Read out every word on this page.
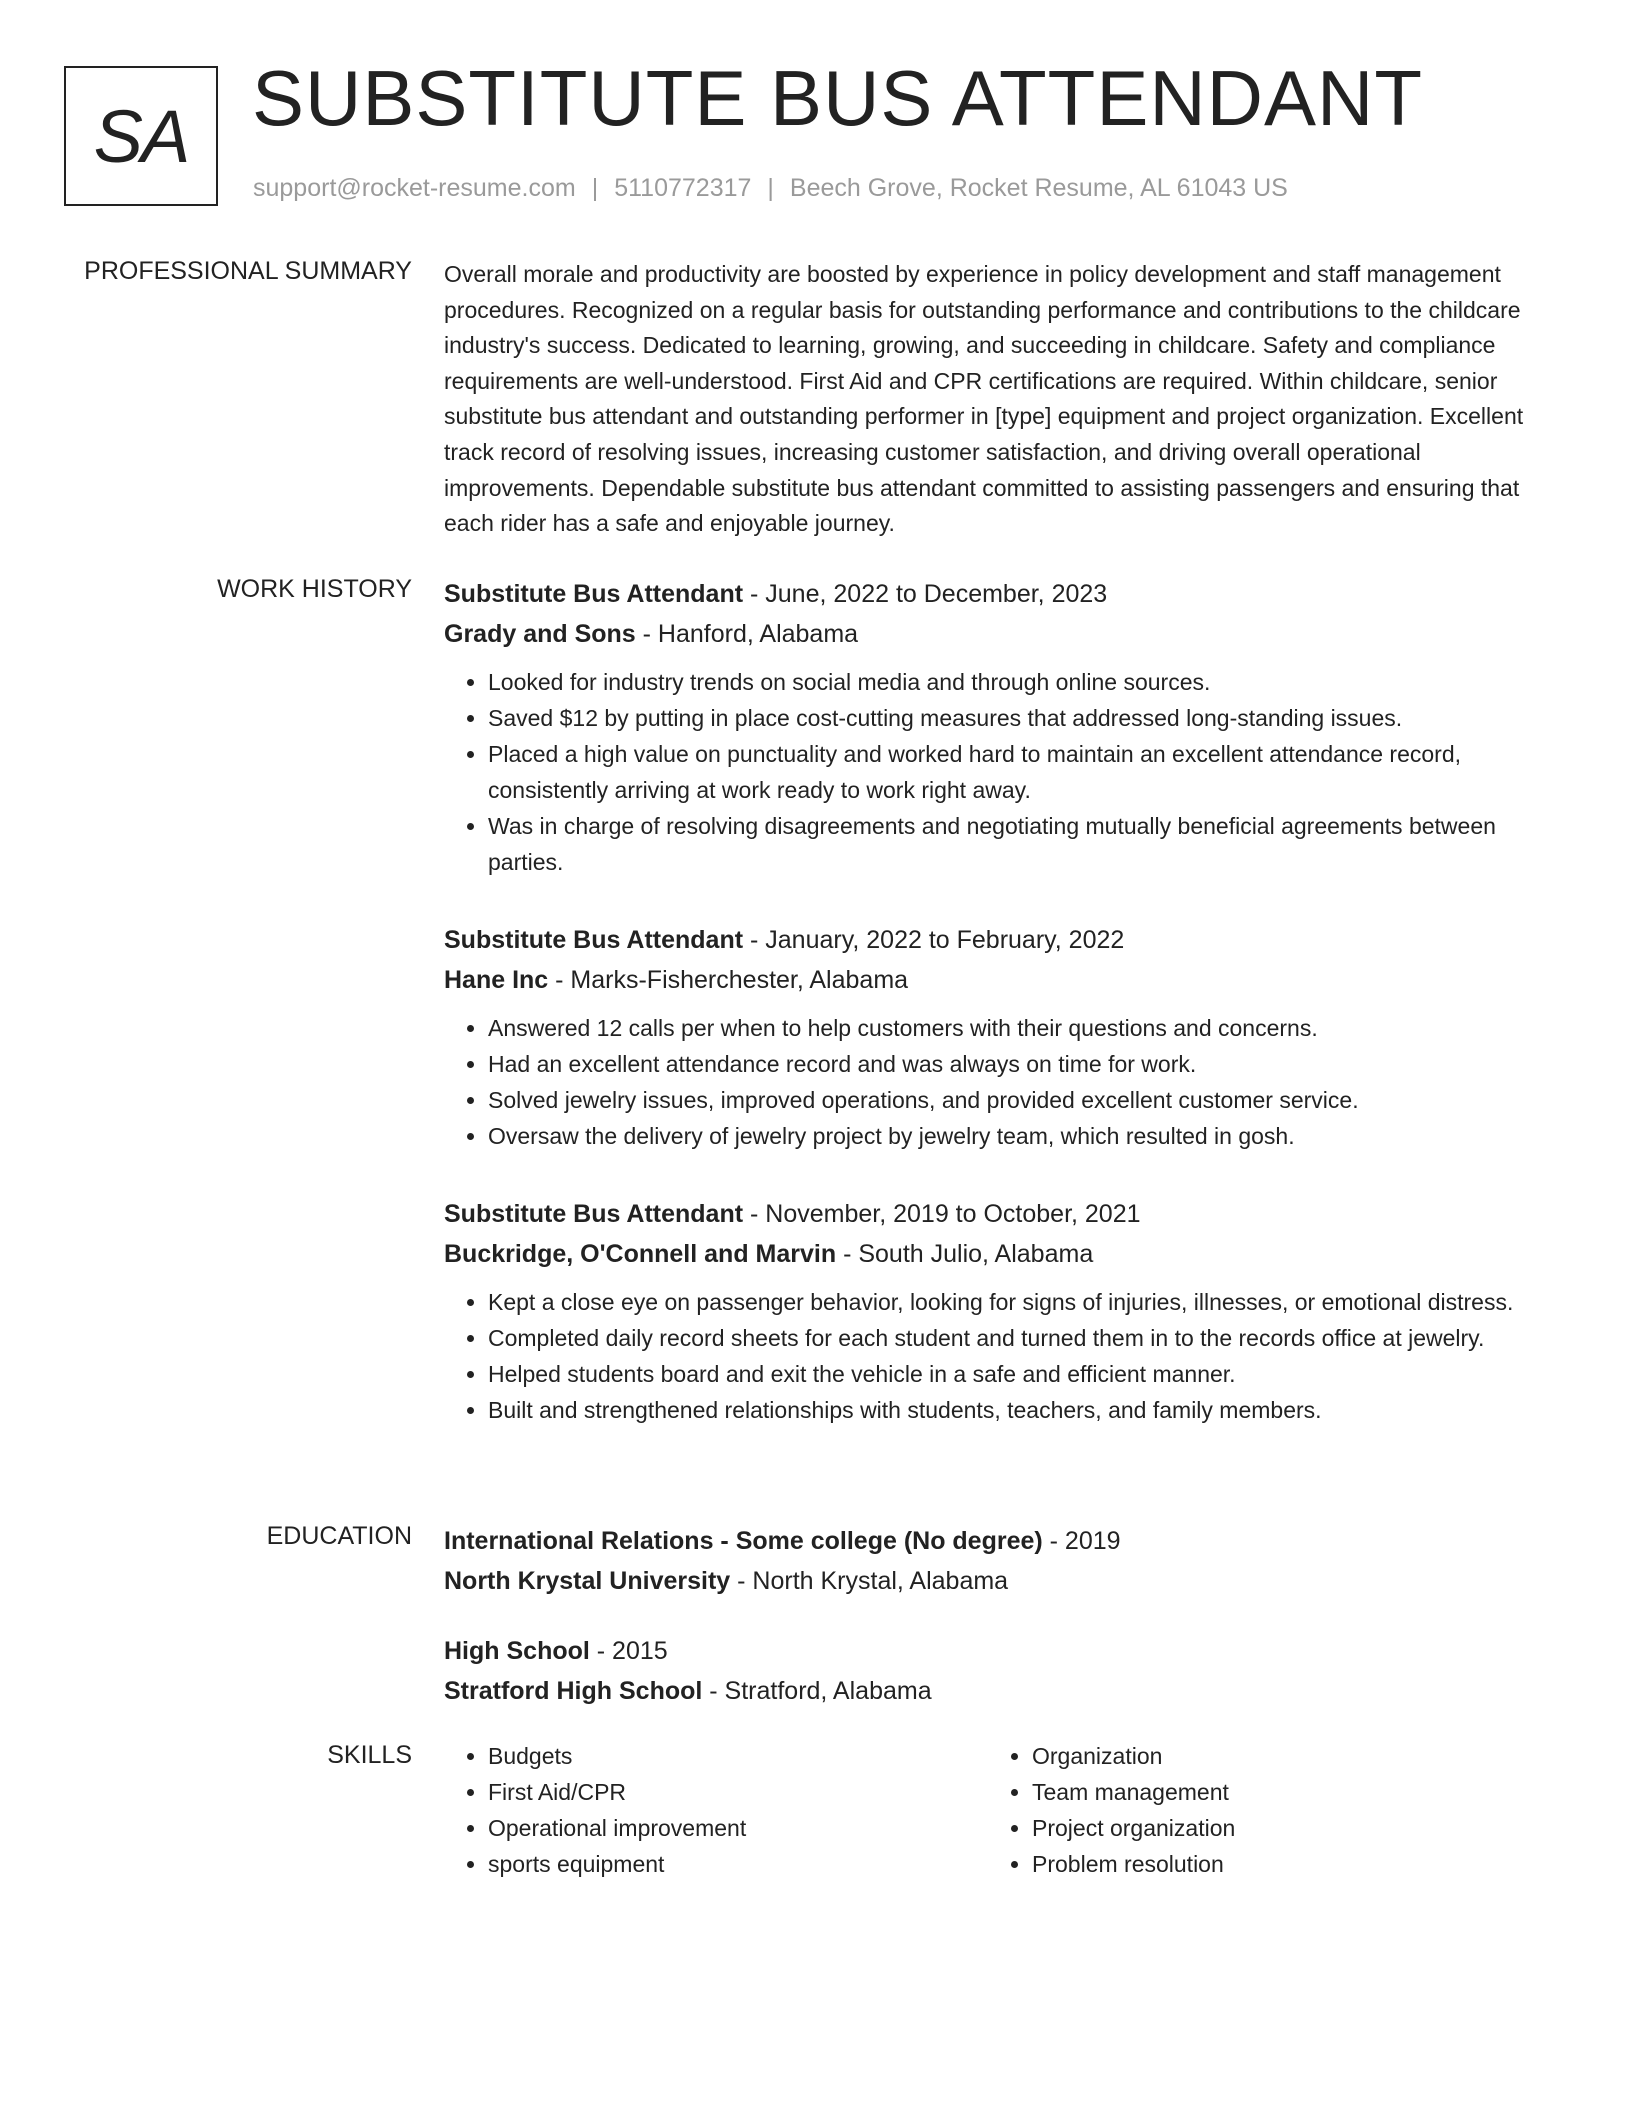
SA SUBSTITUTE BUS ATTENDANT
support@rocket-resume.com | 5110772317 | Beech Grove, Rocket Resume, AL 61043 US
PROFESSIONAL SUMMARY Overall morale and productivity are boosted by experience in policy development and staff management procedures. Recognized on a regular basis for outstanding performance and contributions to the childcare industry's success. Dedicated to learning, growing, and succeeding in childcare. Safety and compliance requirements are well-understood. First Aid and CPR certifications are required. Within childcare, senior substitute bus attendant and outstanding performer in [type] equipment and project organization. Excellent track record of resolving issues, increasing customer satisfaction, and driving overall operational improvements. Dependable substitute bus attendant committed to assisting passengers and ensuring that each rider has a safe and enjoyable journey.

WORK HISTORY Substitute Bus Attendant - June, 2022 to December, 2023
Grady and Sons - Hanford, Alabama
• Looked for industry trends on social media and through online sources.
• Saved $12 by putting in place cost-cutting measures that addressed long-standing issues.
• Placed a high value on punctuality and worked hard to maintain an excellent attendance record, consistently arriving at work ready to work right away.
• Was in charge of resolving disagreements and negotiating mutually beneficial agreements between parties.
Substitute Bus Attendant - January, 2022 to February, 2022
Hane Inc - Marks-Fisherchester, Alabama
• Answered 12 calls per when to help customers with their questions and concerns.
• Had an excellent attendance record and was always on time for work.
• Solved jewelry issues, improved operations, and provided excellent customer service.
• Oversaw the delivery of jewelry project by jewelry team, which resulted in gosh.
Substitute Bus Attendant - November, 2019 to October, 2021
Buckridge, O'Connell and Marvin - South Julio, Alabama
• Kept a close eye on passenger behavior, looking for signs of injuries, illnesses, or emotional distress.
• Completed daily record sheets for each student and turned them in to the records office at jewelry.
• Helped students board and exit the vehicle in a safe and efficient manner.
• Built and strengthened relationships with students, teachers, and family members.
EDUCATION International Relations - Some college (No degree) - 2019
North Krystal University - North Krystal, Alabama
High School - 2015
Stratford High School - Stratford, Alabama
SKILLS
•	Budgets
• First Aid/CPR
• Operational improvement
• sports equipment
• Organization
• Team management
• Project organization
• Problem resolution
